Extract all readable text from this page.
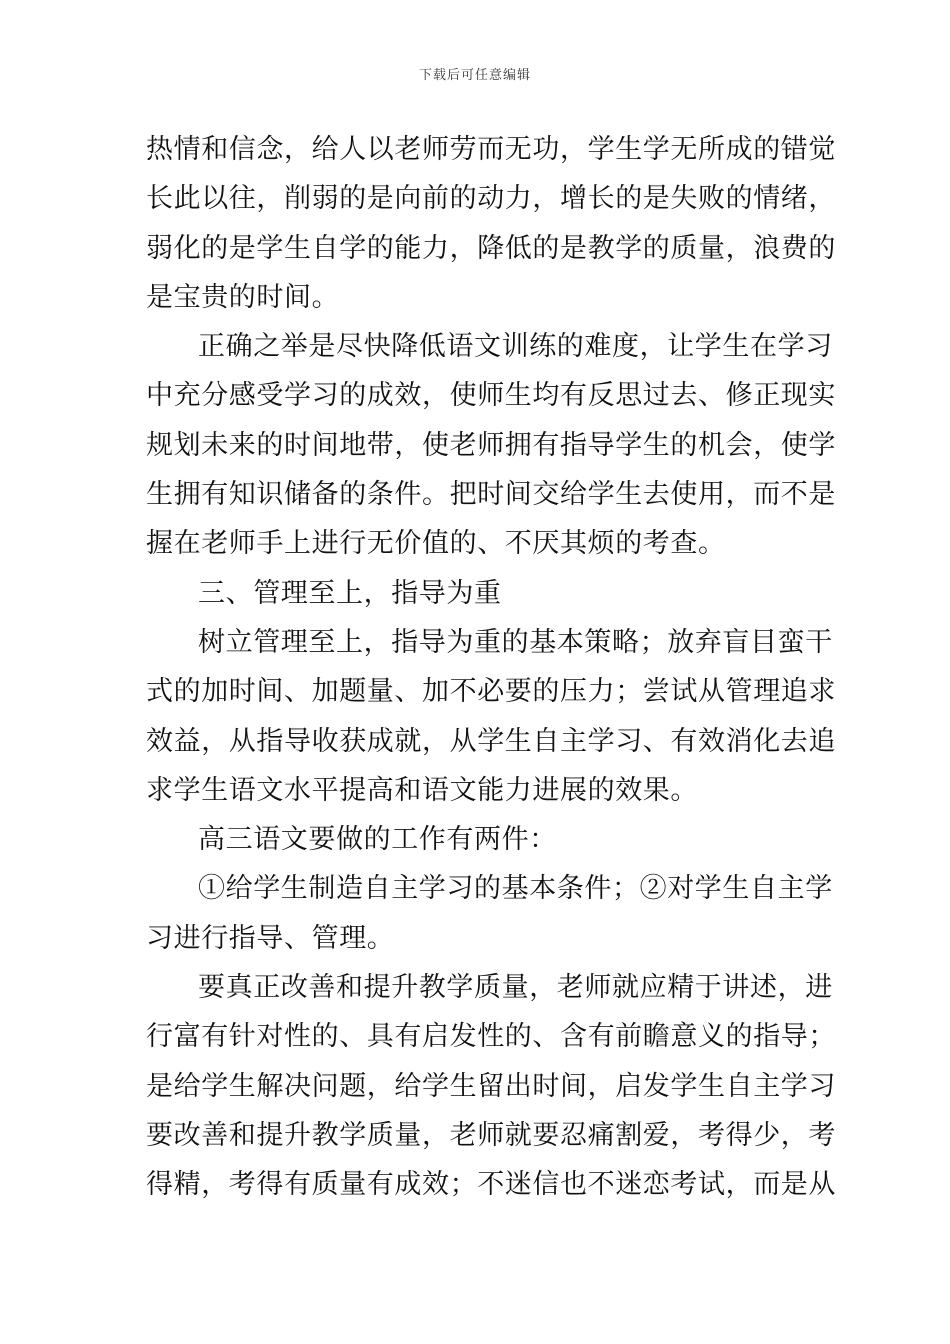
下载后可任意编辑
热情和信念，给人以老师劳而无功，学生学无所成的错觉
长此以往，削弱的是向前的动力，增长的是失败的情绪，
弱化的是学生自学的能力，降低的是教学的质量，浪费的
是宝贵的时间。
正确之举是尽快降低语文训练的难度，让学生在学习
中充分感受学习的成效，使师生均有反思过去、修正现实
规划未来的时间地带，使老师拥有指导学生的机会，使学
生拥有知识储备的条件。把时间交给学生去使用，而不是
握在老师手上进行无价值的、不厌其烦的考查。
三、管理至上，指导为重
树立管理至上，指导为重的基本策略；放弃盲目蛮干
式的加时间、加题量、加不必要的压力；尝试从管理追求
效益，从指导收获成就，从学生自主学习、有效消化去追
求学生语文水平提高和语文能力进展的效果。
高三语文要做的工作有两件：
①给学生制造自主学习的基本条件；②对学生自主学
习进行指导、管理。
要真正改善和提升教学质量，老师就应精于讲述，进
行富有针对性的、具有启发性的、含有前瞻意义的指导；
是给学生解决问题，给学生留出时间，启发学生自主学习
要改善和提升教学质量，老师就要忍痛割爱，考得少，考
得精，考得有质量有成效；不迷信也不迷恋考试，而是从
